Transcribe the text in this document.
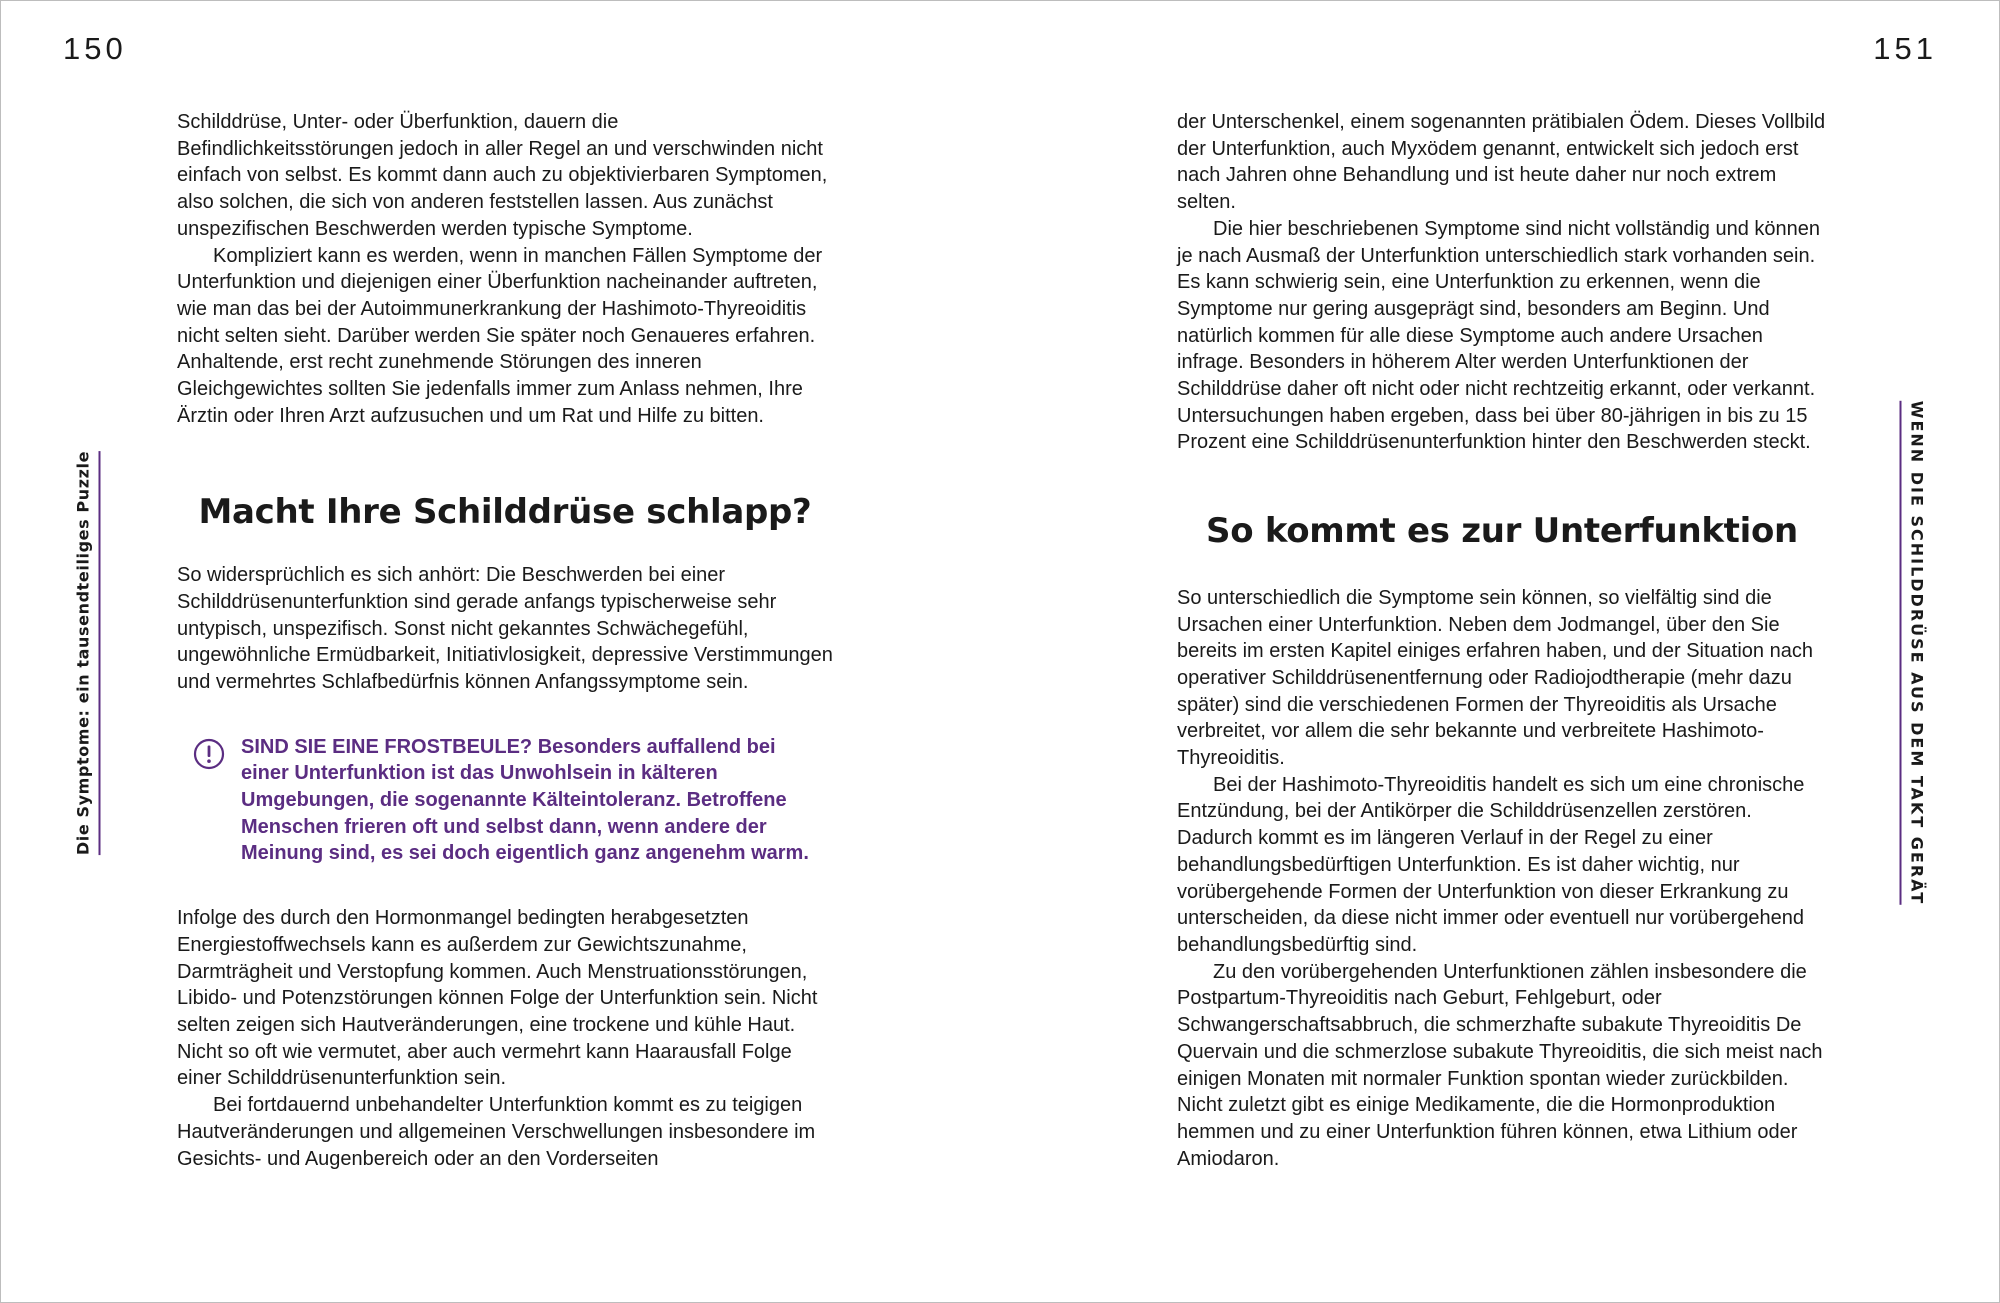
150	151
Die Symptome: ein tausendteiliges Puzzle	WENN DIE SCHILDDRÜSE AUS DEM TAKT GERÄT

Schilddrüse, Unter- oder Überfunktion, dauern die Befindlichkeitsstörungen jedoch in aller Regel an und verschwinden nicht einfach von selbst. Es kommt dann auch zu objektivierbaren Symptomen, also solchen, die sich von anderen feststellen lassen. Aus zunächst unspezifischen Beschwerden werden typische Symptome.

Kompliziert kann es werden, wenn in manchen Fällen Symptome der Unterfunktion und diejenigen einer Überfunktion nacheinander auftreten, wie man das bei der Autoimmunerkrankung der Hashimoto-Thyreoiditis nicht selten sieht. Darüber werden Sie später noch Genaueres erfahren. Anhaltende, erst recht zunehmende Störungen des inneren Gleichgewichtes sollten Sie jedenfalls immer zum Anlass nehmen, Ihre Ärztin oder Ihren Arzt aufzusuchen und um Rat und Hilfe zu bitten.

Macht Ihre Schilddrüse schlapp?

So widersprüchlich es sich anhört: Die Beschwerden bei einer Schilddrüsenunterfunktion sind gerade anfangs typischerweise sehr untypisch, unspezifisch. Sonst nicht gekanntes Schwächegefühl, ungewöhnliche Ermüdbarkeit, Initiativlosigkeit, depressive Verstimmungen und vermehrtes Schlafbedürfnis können Anfangssymptome sein.

SIND SIE EINE FROSTBEULE? Besonders auffallend bei einer Unterfunktion ist das Unwohlsein in kälteren Umgebungen, die sogenannte Kälteintoleranz. Betroffene Menschen frieren oft und selbst dann, wenn andere der Meinung sind, es sei doch eigentlich ganz angenehm warm.

Infolge des durch den Hormonmangel bedingten herabgesetzten Energiestoffwechsels kann es außerdem zur Gewichtszunahme, Darmträgheit und Verstopfung kommen. Auch Menstruationsstörungen, Libido- und Potenzstörungen können Folge der Unterfunktion sein. Nicht selten zeigen sich Hautveränderungen, eine trockene und kühle Haut. Nicht so oft wie vermutet, aber auch vermehrt kann Haarausfall Folge einer Schilddrüsenunterfunktion sein.

Bei fortdauernd unbehandelter Unterfunktion kommt es zu teigigen Hautveränderungen und allgemeinen Verschwellungen insbesondere im Gesichts- und Augenbereich oder an den Vorderseiten

der Unterschenkel, einem sogenannten prätibialen Ödem. Dieses Vollbild der Unterfunktion, auch Myxödem genannt, entwickelt sich jedoch erst nach Jahren ohne Behandlung und ist heute daher nur noch extrem selten.

Die hier beschriebenen Symptome sind nicht vollständig und können je nach Ausmaß der Unterfunktion unterschiedlich stark vorhanden sein. Es kann schwierig sein, eine Unterfunktion zu erkennen, wenn die Symptome nur gering ausgeprägt sind, besonders am Beginn. Und natürlich kommen für alle diese Symptome auch andere Ursachen infrage. Besonders in höherem Alter werden Unterfunktionen der Schilddrüse daher oft nicht oder nicht rechtzeitig erkannt, oder verkannt. Untersuchungen haben ergeben, dass bei über 80-jährigen in bis zu 15 Prozent eine Schilddrüsenunterfunktion hinter den Beschwerden steckt.

So kommt es zur Unterfunktion

So unterschiedlich die Symptome sein können, so vielfältig sind die Ursachen einer Unterfunktion. Neben dem Jodmangel, über den Sie bereits im ersten Kapitel einiges erfahren haben, und der Situation nach operativer Schilddrüsenentfernung oder Radiojodtherapie (mehr dazu später) sind die verschiedenen Formen der Thyreoiditis als Ursache verbreitet, vor allem die sehr bekannte und verbreitete Hashimoto-Thyreoiditis.

Bei der Hashimoto-Thyreoiditis handelt es sich um eine chronische Entzündung, bei der Antikörper die Schilddrüsenzellen zerstören. Dadurch kommt es im längeren Verlauf in der Regel zu einer behandlungsbedürftigen Unterfunktion. Es ist daher wichtig, nur vorübergehende Formen der Unterfunktion von dieser Erkrankung zu unterscheiden, da diese nicht immer oder eventuell nur vorübergehend behandlungsbedürftig sind.

Zu den vorübergehenden Unterfunktionen zählen insbesondere die Postpartum-Thyreoiditis nach Geburt, Fehlgeburt, oder Schwangerschaftsabbruch, die schmerzhafte subakute Thyreoiditis De Quervain und die schmerzlose subakute Thyreoiditis, die sich meist nach einigen Monaten mit normaler Funktion spontan wieder zurückbilden. Nicht zuletzt gibt es einige Medikamente, die die Hormonproduktion hemmen und zu einer Unterfunktion führen können, etwa Lithium oder Amiodaron.
